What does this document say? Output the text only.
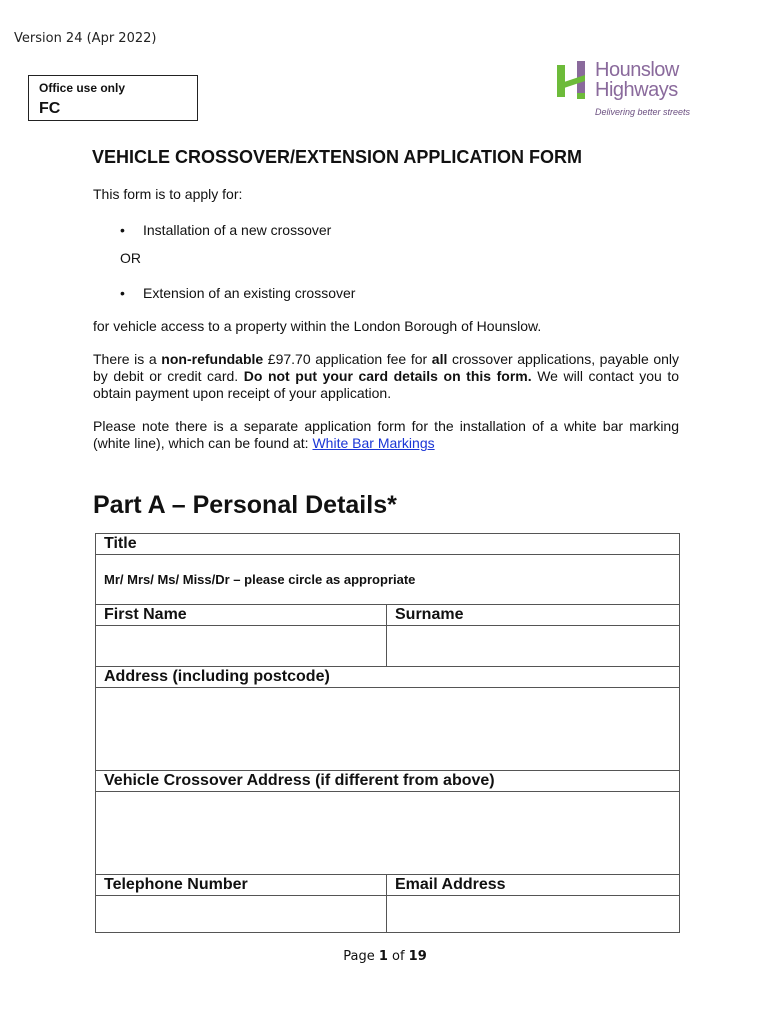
Version 24 (Apr 2022)
Office use only
FC
Hounslow
Highways
Delivering better streets
VEHICLE CROSSOVER/EXTENSION APPLICATION FORM
This form is to apply for:
• Installation of a new crossover
OR
• Extension of an existing crossover
for vehicle access to a property within the London Borough of Hounslow.
There is a non-refundable £97.70 application fee for all crossover applications, payable only by debit or credit card. Do not put your card details on this form. We will contact you to obtain payment upon receipt of your application.
Please note there is a separate application form for the installation of a white bar marking (white line), which can be found at: White Bar Markings
Part A – Personal Details*
Title	
Mr/ Mrs/ Ms/ Miss/Dr – please circle as appropriate	
First Name	Surname

Address (including postcode)	

Vehicle Crossover Address (if different from above)	

Telephone Number	Email Address

Page 1 of 19
